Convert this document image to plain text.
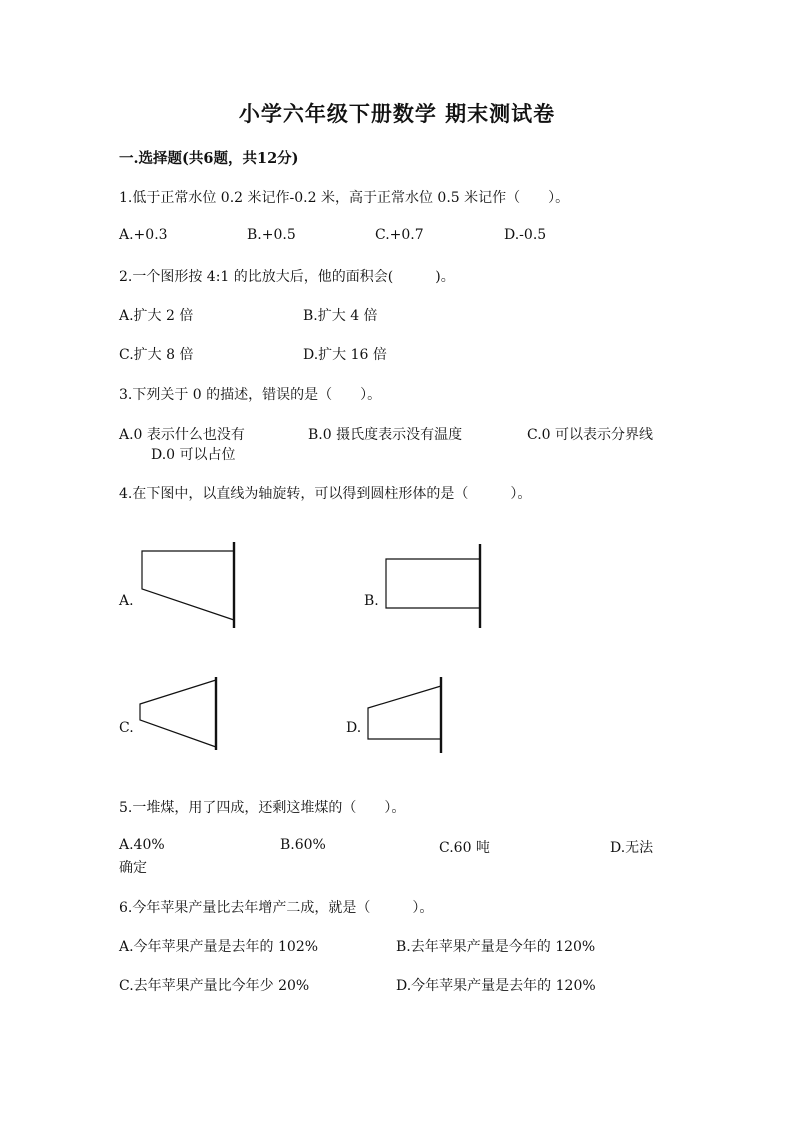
小学六年级下册数学 期末测试卷
一.选择题(共6题，共12分)
1.低于正常水位 0.2 米记作-0.2 米，高于正常水位 0.5 米记作（　　）。
A.+0.3	B.+0.5	C.+0.7	D.-0.5
2.一个图形按 4:1 的比放大后，他的面积会(　　　)。
A.扩大 2 倍	B.扩大 4 倍
C.扩大 8 倍	D.扩大 16 倍
3.下列关于 0 的描述，错误的是（　　）。
A.0 表示什么也没有	B.0 摄氏度表示没有温度	C.0 可以表示分界线
D.0 可以占位
4.在下图中，以直线为轴旋转，可以得到圆柱形体的是（　　　）。
A.	B.
C.	D.
5.一堆煤，用了四成，还剩这堆煤的（　　）。
A.40%	B.60%	C.60 吨	D.无法
确定
6.今年苹果产量比去年增产二成，就是（　　　）。
A.今年苹果产量是去年的 102%	B.去年苹果产量是今年的 120%
C.去年苹果产量比今年少 20%	D.今年苹果产量是去年的 120%
